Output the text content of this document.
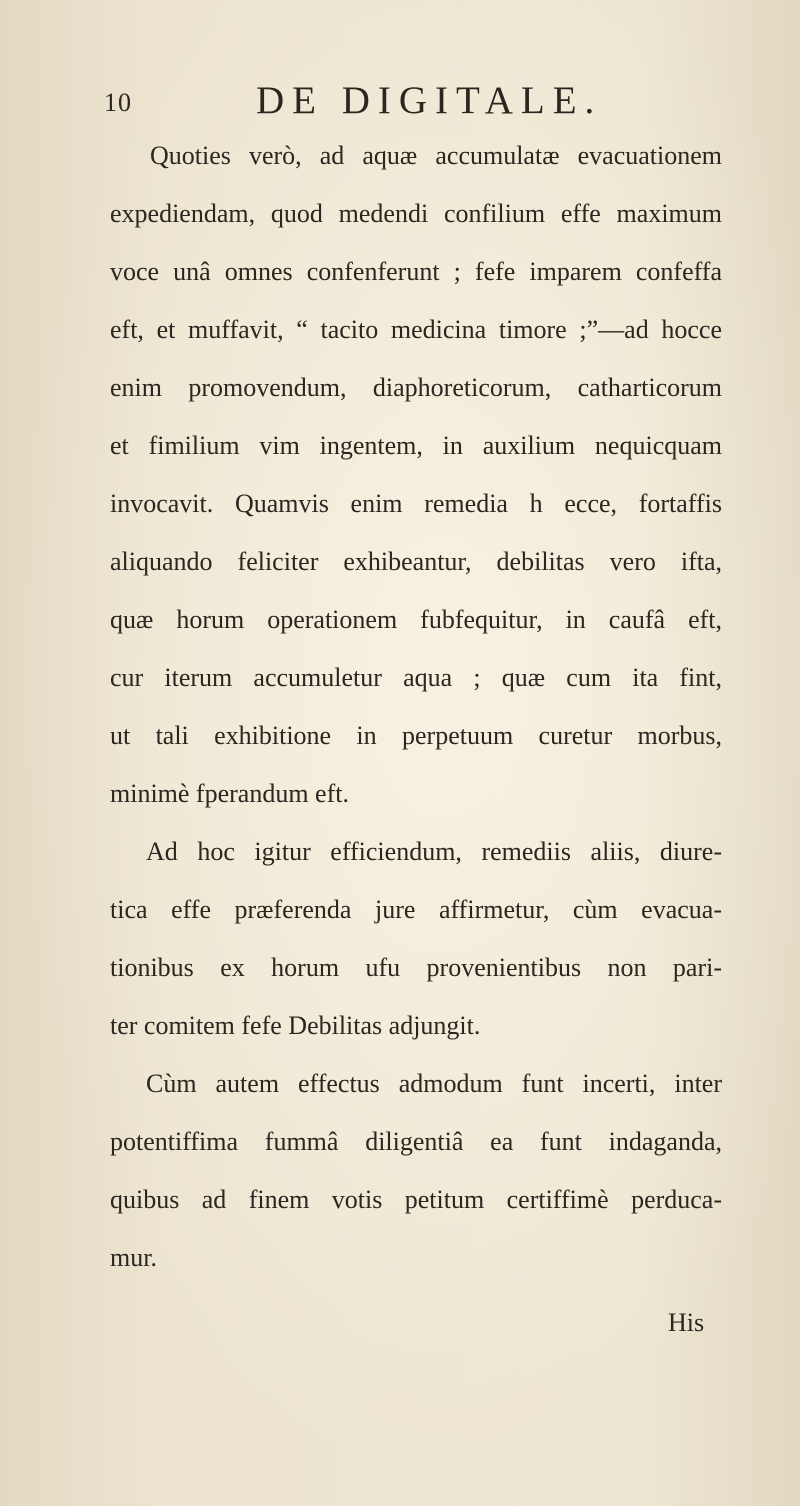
10	DE DIGITALE.
Quoties verò, ad aquæ accumulatæ evacuationem
expediendam, quod medendi confilium effe maximum
voce unâ omnes confenferunt ; fefe imparem confeffa
eft, et muffavit, “ tacito medicina timore ;”—ad hocce
enim promovendum, diaphoreticorum, catharticorum
et fimilium vim ingentem, in auxilium nequicquam
invocavit. Quamvis enim remedia h ecce, fortaffis
aliquando feliciter exhibeantur, debilitas vero ifta,
quæ horum operationem fubfequitur, in caufâ eft,
cur iterum accumuletur aqua ; quæ cum ita fint,
ut tali exhibitione in perpetuum curetur morbus,
minimè fperandum eft.
Ad hoc igitur efficiendum, remediis aliis, diure-
tica effe præferenda jure affirmetur, cùm evacua-
tionibus ex horum ufu provenientibus non pari-
ter comitem fefe Debilitas adjungit.
Cùm autem effectus admodum funt incerti, inter
potentiffima fummâ diligentiâ ea funt indaganda,
quibus ad finem votis petitum certiffimè perduca-
mur.
His
